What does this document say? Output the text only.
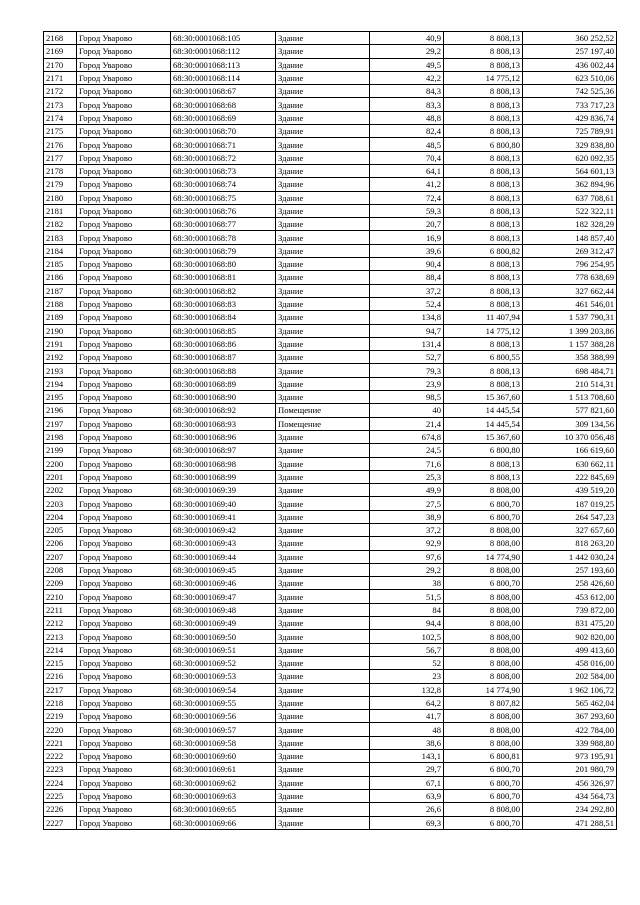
2168	Город Уварово	68:30:0001068:105	Здание	40,9	8 808,13	360 252,52
2169	Город Уварово	68:30:0001068:112	Здание	29,2	8 808,13	257 197,40
2170	Город Уварово	68:30:0001068:113	Здание	49,5	8 808,13	436 002,44
2171	Город Уварово	68:30:0001068:114	Здание	42,2	14 775,12	623 510,06
2172	Город Уварово	68:30:0001068:67	Здание	84,3	8 808,13	742 525,36
2173	Город Уварово	68:30:0001068:68	Здание	83,3	8 808,13	733 717,23
2174	Город Уварово	68:30:0001068:69	Здание	48,8	8 808,13	429 836,74
2175	Город Уварово	68:30:0001068:70	Здание	82,4	8 808,13	725 789,91
2176	Город Уварово	68:30:0001068:71	Здание	48,5	6 800,80	329 838,80
2177	Город Уварово	68:30:0001068:72	Здание	70,4	8 808,13	620 092,35
2178	Город Уварово	68:30:0001068:73	Здание	64,1	8 808,13	564 601,13
2179	Город Уварово	68:30:0001068:74	Здание	41,2	8 808,13	362 894,96
2180	Город Уварово	68:30:0001068:75	Здание	72,4	8 808,13	637 708,61
2181	Город Уварово	68:30:0001068:76	Здание	59,3	8 808,13	522 322,11
2182	Город Уварово	68:30:0001068:77	Здание	20,7	8 808,13	182 328,29
2183	Город Уварово	68:30:0001068:78	Здание	16,9	8 808,13	148 857,40
2184	Город Уварово	68:30:0001068:79	Здание	39,6	6 800,82	269 312,47
2185	Город Уварово	68:30:0001068:80	Здание	90,4	8 808,13	796 254,95
2186	Город Уварово	68:30:0001068:81	Здание	88,4	8 808,13	778 638,69
2187	Город Уварово	68:30:0001068:82	Здание	37,2	8 808,13	327 662,44
2188	Город Уварово	68:30:0001068:83	Здание	52,4	8 808,13	461 546,01
2189	Город Уварово	68:30:0001068:84	Здание	134,8	11 407,94	1 537 790,31
2190	Город Уварово	68:30:0001068:85	Здание	94,7	14 775,12	1 399 203,86
2191	Город Уварово	68:30:0001068:86	Здание	131,4	8 808,13	1 157 388,28
2192	Город Уварово	68:30:0001068:87	Здание	52,7	6 800,55	358 388,99
2193	Город Уварово	68:30:0001068:88	Здание	79,3	8 808,13	698 484,71
2194	Город Уварово	68:30:0001068:89	Здание	23,9	8 808,13	210 514,31
2195	Город Уварово	68:30:0001068:90	Здание	98,5	15 367,60	1 513 708,60
2196	Город Уварово	68:30:0001068:92	Помещение	40	14 445,54	577 821,60
2197	Город Уварово	68:30:0001068:93	Помещение	21,4	14 445,54	309 134,56
2198	Город Уварово	68:30:0001068:96	Здание	674,8	15 367,60	10 370 056,48
2199	Город Уварово	68:30:0001068:97	Здание	24,5	6 800,80	166 619,60
2200	Город Уварово	68:30:0001068:98	Здание	71,6	8 808,13	630 662,11
2201	Город Уварово	68:30:0001068:99	Здание	25,3	8 808,13	222 845,69
2202	Город Уварово	68:30:0001069:39	Здание	49,9	8 808,00	439 519,20
2203	Город Уварово	68:30:0001069:40	Здание	27,5	6 800,70	187 019,25
2204	Город Уварово	68:30:0001069:41	Здание	38,9	6 800,70	264 547,23
2205	Город Уварово	68:30:0001069:42	Здание	37,2	8 808,00	327 657,60
2206	Город Уварово	68:30:0001069:43	Здание	92,9	8 808,00	818 263,20
2207	Город Уварово	68:30:0001069:44	Здание	97,6	14 774,90	1 442 030,24
2208	Город Уварово	68:30:0001069:45	Здание	29,2	8 808,00	257 193,60
2209	Город Уварово	68:30:0001069:46	Здание	38	6 800,70	258 426,60
2210	Город Уварово	68:30:0001069:47	Здание	51,5	8 808,00	453 612,00
2211	Город Уварово	68:30:0001069:48	Здание	84	8 808,00	739 872,00
2212	Город Уварово	68:30:0001069:49	Здание	94,4	8 808,00	831 475,20
2213	Город Уварово	68:30:0001069:50	Здание	102,5	8 808,00	902 820,00
2214	Город Уварово	68:30:0001069:51	Здание	56,7	8 808,00	499 413,60
2215	Город Уварово	68:30:0001069:52	Здание	52	8 808,00	458 016,00
2216	Город Уварово	68:30:0001069:53	Здание	23	8 808,00	202 584,00
2217	Город Уварово	68:30:0001069:54	Здание	132,8	14 774,90	1 962 106,72
2218	Город Уварово	68:30:0001069:55	Здание	64,2	8 807,82	565 462,04
2219	Город Уварово	68:30:0001069:56	Здание	41,7	8 808,00	367 293,60
2220	Город Уварово	68:30:0001069:57	Здание	48	8 808,00	422 784,00
2221	Город Уварово	68:30:0001069:58	Здание	38,6	8 808,00	339 988,80
2222	Город Уварово	68:30:0001069:60	Здание	143,1	6 800,81	973 195,91
2223	Город Уварово	68:30:0001069:61	Здание	29,7	6 800,70	201 980,79
2224	Город Уварово	68:30:0001069:62	Здание	67,1	6 800,70	456 326,97
2225	Город Уварово	68:30:0001069:63	Здание	63,9	6 800,70	434 564,73
2226	Город Уварово	68:30:0001069:65	Здание	26,6	8 808,00	234 292,80
2227	Город Уварово	68:30:0001069:66	Здание	69,3	6 800,70	471 288,51
